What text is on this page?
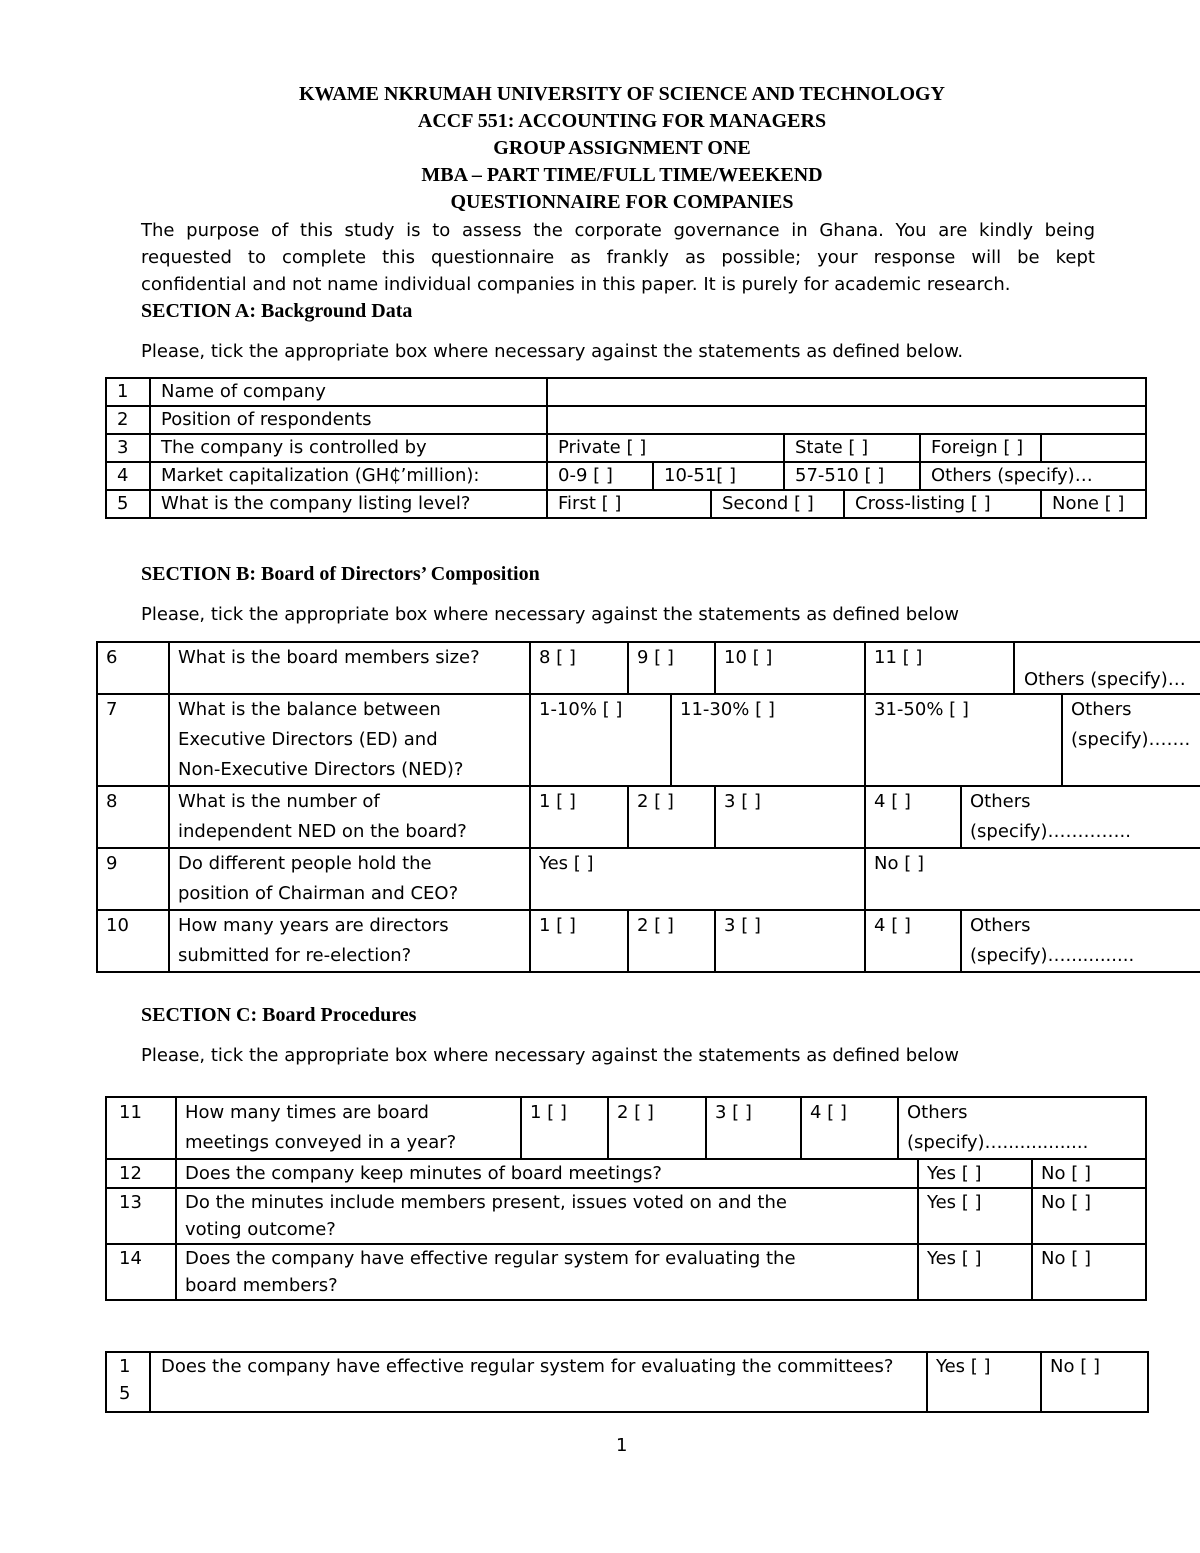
KWAME NKRUMAH UNIVERSITY OF SCIENCE AND TECHNOLOGY
ACCF 551: ACCOUNTING FOR MANAGERS
GROUP ASSIGNMENT ONE
MBA – PART TIME/FULL TIME/WEEKEND
QUESTIONNAIRE FOR COMPANIES
The purpose of this study is to assess the corporate governance in Ghana. You are kindly being
requested to complete this questionnaire as frankly as possible; your response will be kept
confidential and not name individual companies in this paper. It is purely for academic research.
SECTION A: Background Data
Please, tick the appropriate box where necessary against the statements as defined below.
1	Name of company							
2	Position of respondents							
3	The company is controlled by	Private [ ]			State [ ]		Foreign [ ]	
4	Market capitalization (GH₵’million):	0-9 [ ]	10-51[ ]		57-510 [ ]		Others (specify)…	
5	What is the company listing level?	First [ ]		Second [ ]		Cross-listing [ ]		None [ ]
SECTION B: Board of Directors’ Composition
Please, tick the appropriate box where necessary against the statements as defined below
6	What is the board members size?	8 [ ]	9 [ ]		10 [ ]	11 [ ]		Others (specify)…	
7	What is the balance between
Executive Directors (ED) and
Non-Executive Directors (NED)?	1-10% [ ]		11-30% [ ]		31-50% [ ]			Others
(specify)…….

8	What is the number of
independent NED on the board?	1 [ ]	2 [ ]		3 [ ]	4 [ ]	Others
(specify)…………..		

9	Do different people hold the
position of Chairman and CEO?	Yes [ ]				No [ ]			
10	How many years are directors
submitted for re-election?	1 [ ]	2 [ ]		3 [ ]	4 [ ]	Others
(specify)…............		
SECTION C: Board Procedures
Please, tick the appropriate box where necessary against the statements as defined below
11	How many times are board
meetings conveyed in a year?	1 [ ]	2 [ ]	3 [ ]	4 [ ]	Others
(specify)…...............		

12	Does the company keep minutes of board meetings?						Yes [ ]	No [ ]
13	Do the minutes include members present, issues voted on and the
voting outcome?						Yes [ ]	No [ ]
14	Does the company have effective regular system for evaluating the
board members?						Yes [ ]	No [ ]
1
5
	Does the company have effective regular system for evaluating the committees?	Yes [ ]	No [ ]
1
